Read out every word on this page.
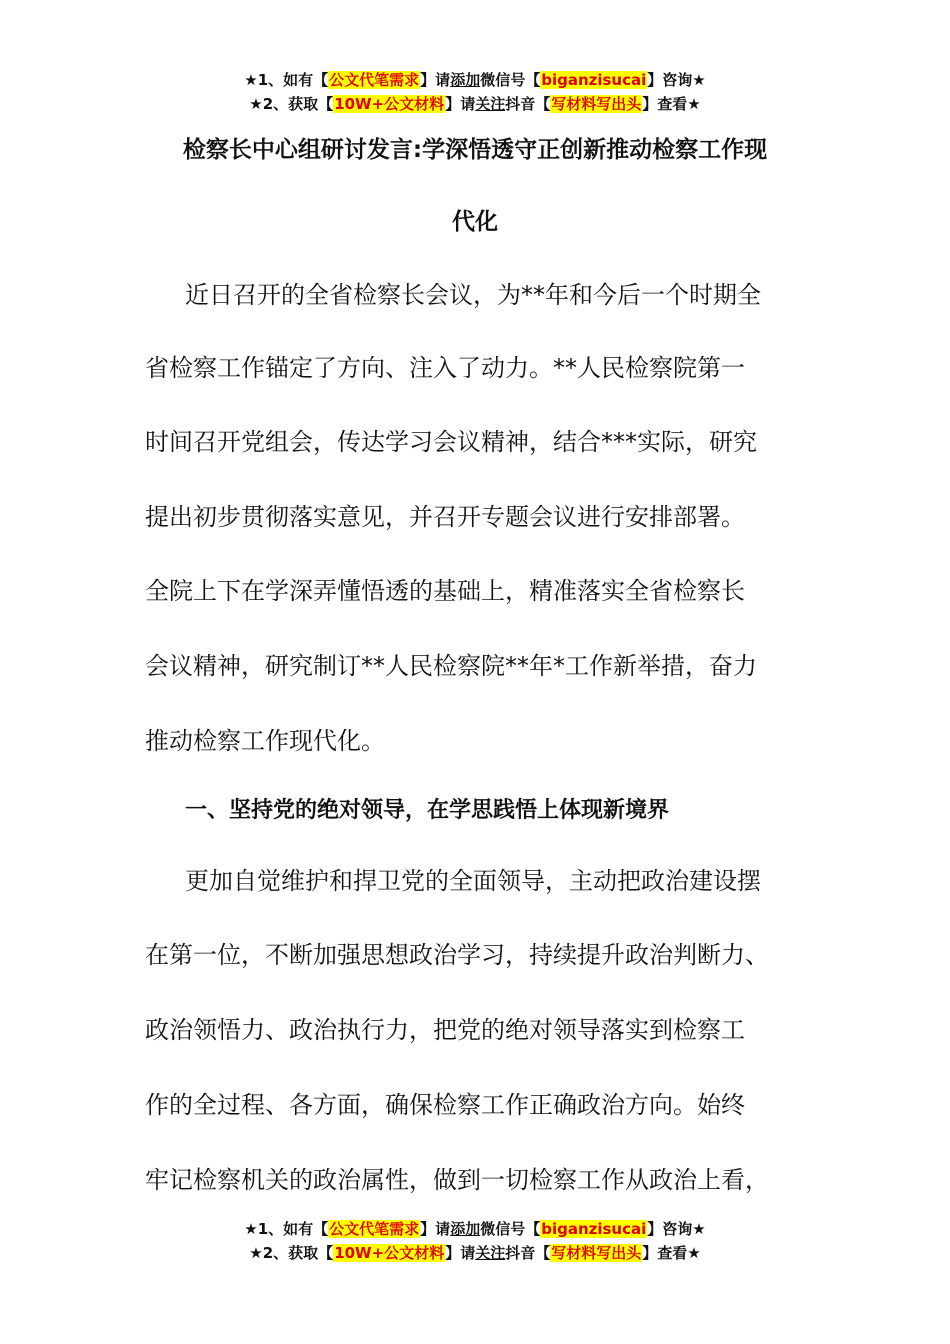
★1、如有【公文代笔需求】请添加微信号【biganzisucai】咨询★
★2、获取【10W+公文材料】请关注抖音【写材料写出头】查看★
检察长中心组研讨发言:学深悟透守正创新推动检察工作现
代化
近日召开的全省检察长会议，为**年和今后一个时期全
省检察工作锚定了方向、注入了动力。**人民检察院第一
时间召开党组会，传达学习会议精神，结合***实际，研究
提出初步贯彻落实意见，并召开专题会议进行安排部署。
全院上下在学深弄懂悟透的基础上，精准落实全省检察长
会议精神，研究制订**人民检察院**年*工作新举措，奋力
推动检察工作现代化。
一、坚持党的绝对领导，在学思践悟上体现新境界
更加自觉维护和捍卫党的全面领导，主动把政治建设摆
在第一位，不断加强思想政治学习，持续提升政治判断力、
政治领悟力、政治执行力，把党的绝对领导落实到检察工
作的全过程、各方面，确保检察工作正确政治方向。始终
牢记检察机关的政治属性，做到一切检察工作从政治上看，
★1、如有【公文代笔需求】请添加微信号【biganzisucai】咨询★
★2、获取【10W+公文材料】请关注抖音【写材料写出头】查看★
